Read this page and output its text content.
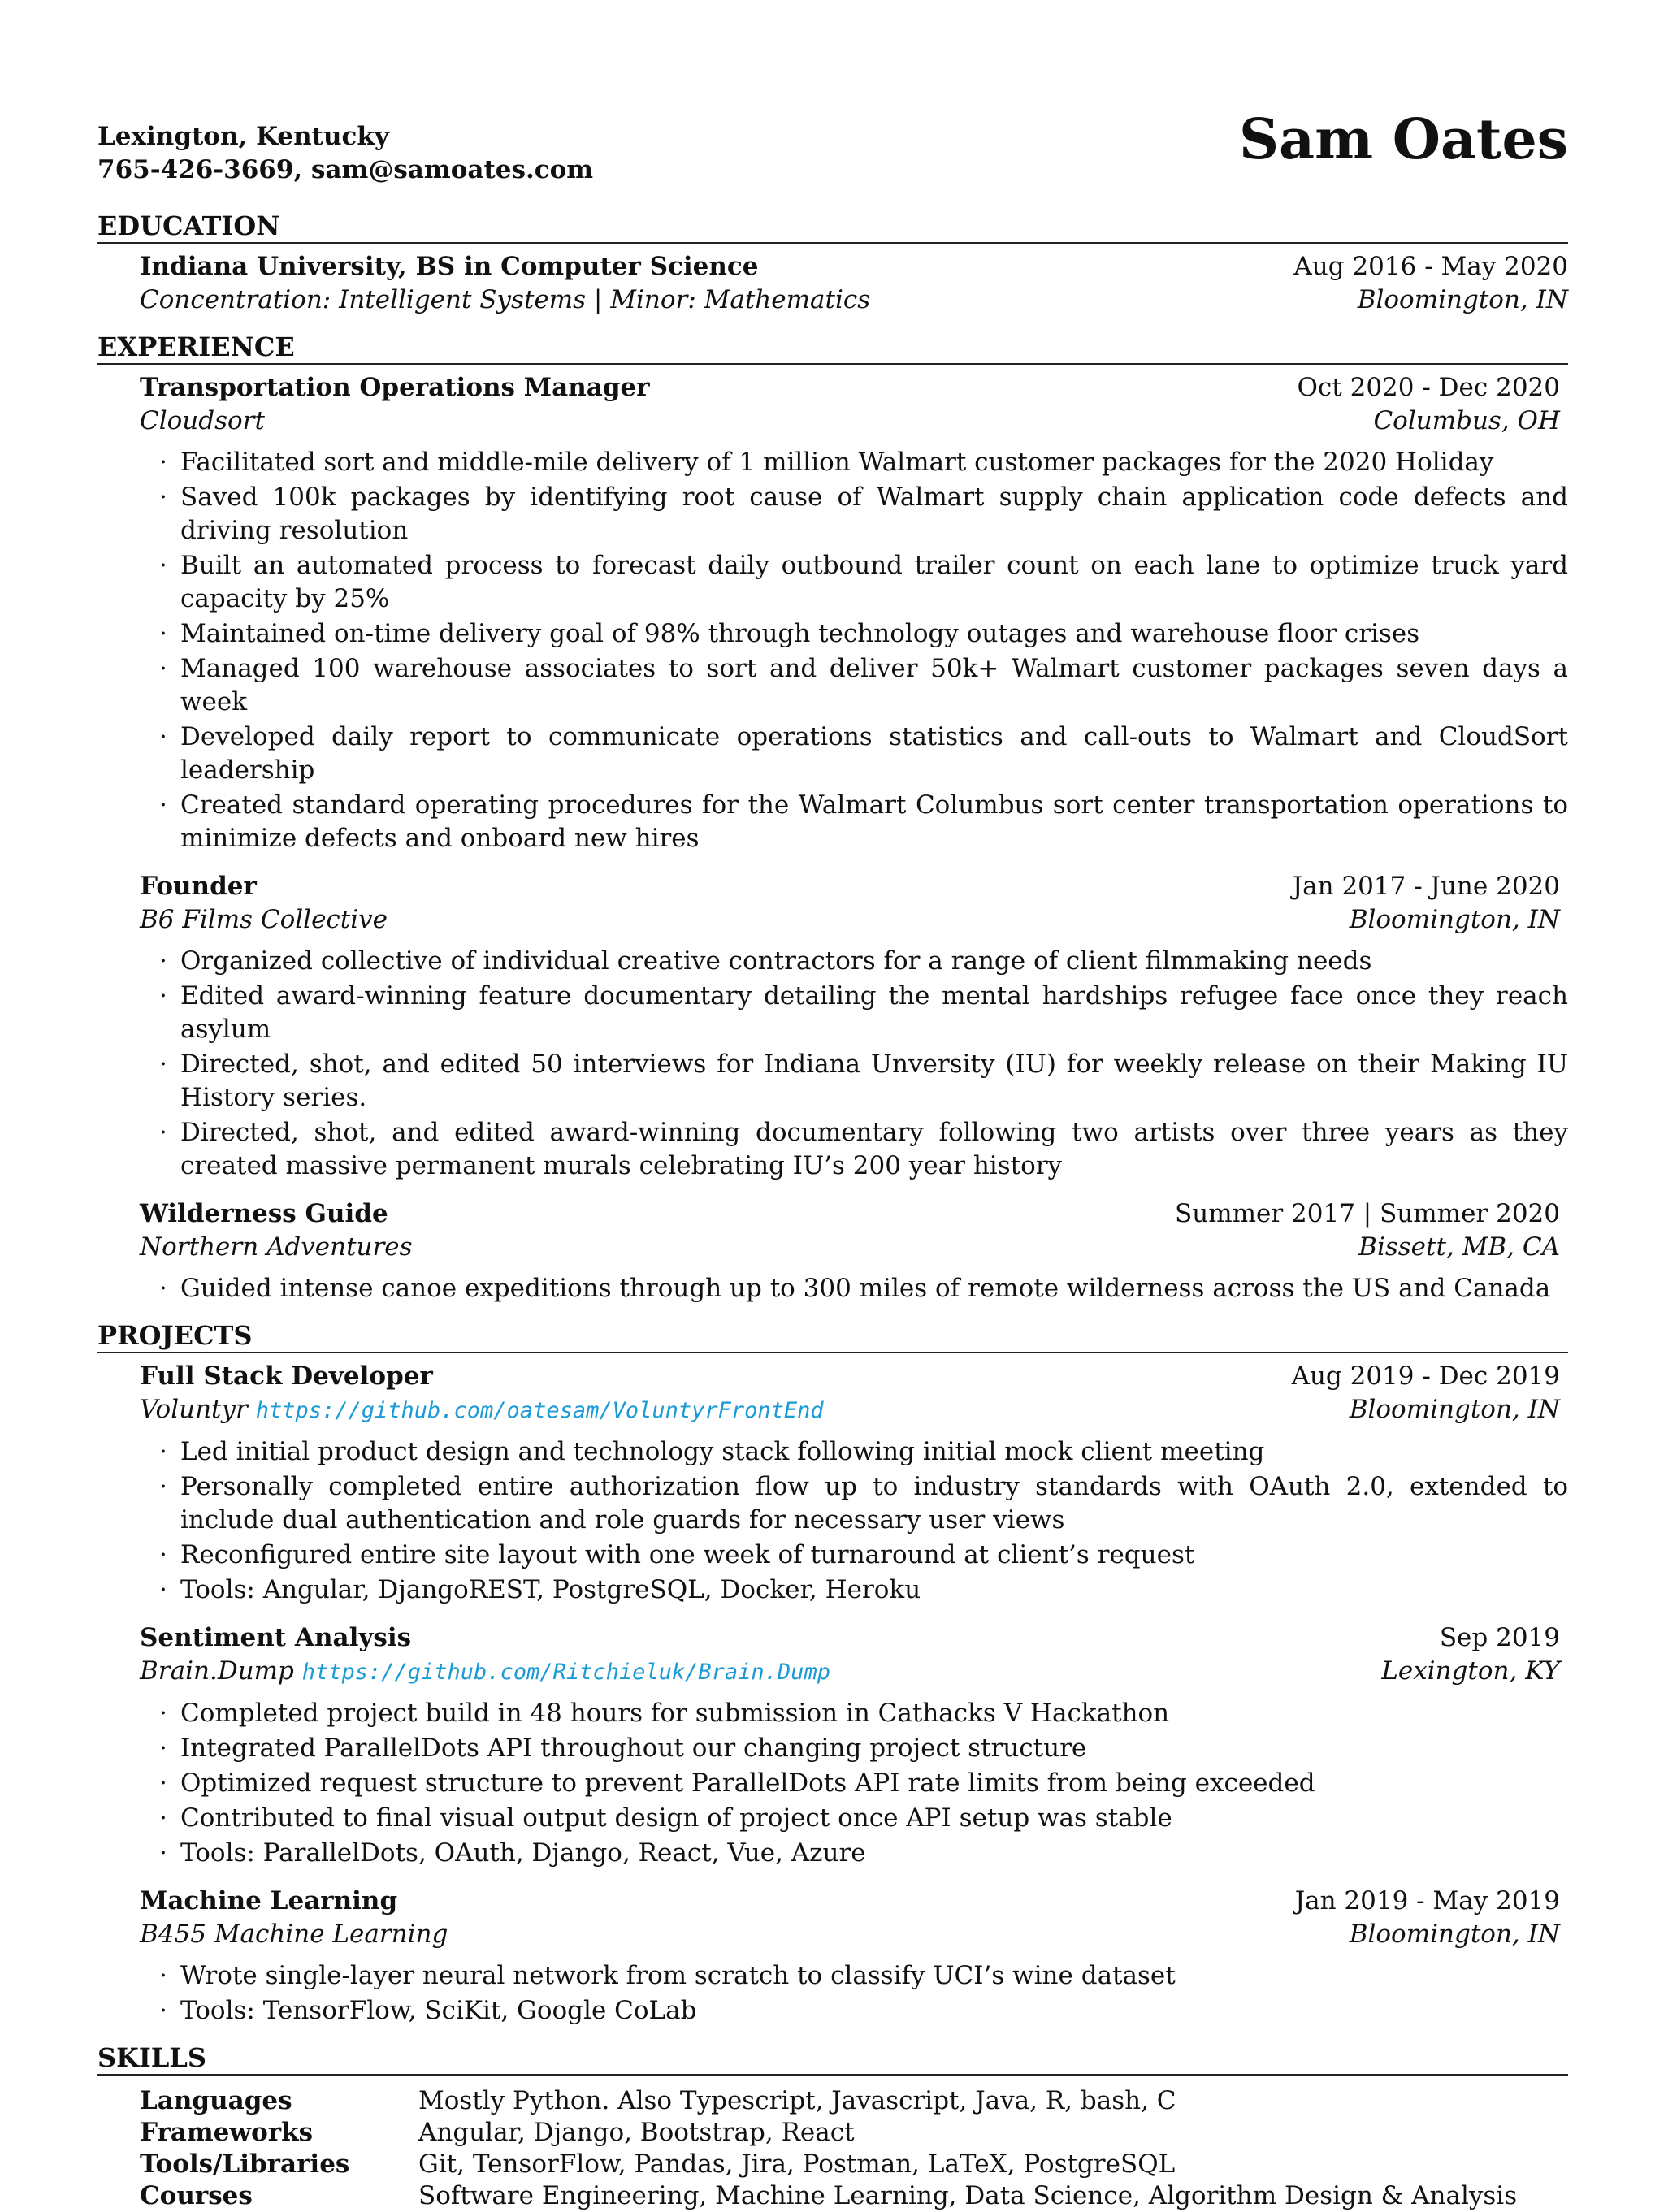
Lexington, Kentucky
765-426-3669, sam@samoates.com	Sam Oates
EDUCATION
Indiana University, BS in Computer Science	Aug 2016 - May 2020
Concentration: Intelligent Systems | Minor: Mathematics	Bloomington, IN
EXPERIENCE
Transportation Operations Manager	Oct 2020 - Dec 2020
Cloudsort	Columbus, OH
· Facilitated sort and middle-mile delivery of 1 million Walmart customer packages for the 2020 Holiday
· Saved 100k packages by identifying root cause of Walmart supply chain application code defects and driving resolution
· Built an automated process to forecast daily outbound trailer count on each lane to optimize truck yard capacity by 25%
· Maintained on-time delivery goal of 98% through technology outages and warehouse floor crises
· Managed 100 warehouse associates to sort and deliver 50k+ Walmart customer packages seven days a week
· Developed daily report to communicate operations statistics and call-outs to Walmart and CloudSort leadership
· Created standard operating procedures for the Walmart Columbus sort center transportation operations to minimize defects and onboard new hires
Founder	Jan 2017 - June 2020
B6 Films Collective	Bloomington, IN
· Organized collective of individual creative contractors for a range of client filmmaking needs
· Edited award-winning feature documentary detailing the mental hardships refugee face once they reach asylum
· Directed, shot, and edited 50 interviews for Indiana Unversity (IU) for weekly release on their Making IU History series.
· Directed, shot, and edited award-winning documentary following two artists over three years as they created massive permanent murals celebrating IU’s 200 year history
Wilderness Guide	Summer 2017 | Summer 2020
Northern Adventures	Bissett, MB, CA
· Guided intense canoe expeditions through up to 300 miles of remote wilderness across the US and Canada
PROJECTS
Full Stack Developer	Aug 2019 - Dec 2019
Voluntyr https://github.com/oatesam/VoluntyrFrontEnd	Bloomington, IN
· Led initial product design and technology stack following initial mock client meeting
· Personally completed entire authorization flow up to industry standards with OAuth 2.0, extended to include dual authentication and role guards for necessary user views
· Reconfigured entire site layout with one week of turnaround at client’s request
· Tools: Angular, DjangoREST, PostgreSQL, Docker, Heroku
Sentiment Analysis	Sep 2019
Brain.Dump https://github.com/Ritchieluk/Brain.Dump	Lexington, KY
· Completed project build in 48 hours for submission in Cathacks V Hackathon
· Integrated ParallelDots API throughout our changing project structure
· Optimized request structure to prevent ParallelDots API rate limits from being exceeded
· Contributed to final visual output design of project once API setup was stable
· Tools: ParallelDots, OAuth, Django, React, Vue, Azure
Machine Learning	Jan 2019 - May 2019
B455 Machine Learning	Bloomington, IN
· Wrote single-layer neural network from scratch to classify UCI’s wine dataset
· Tools: TensorFlow, SciKit, Google CoLab
SKILLS
Languages	Mostly Python. Also Typescript, Javascript, Java, R, bash, C
Frameworks	Angular, Django, Bootstrap, React
Tools/Libraries	Git, TensorFlow, Pandas, Jira, Postman, LaTeX, PostgreSQL
Courses	Software Engineering, Machine Learning, Data Science, Algorithm Design & Analysis
